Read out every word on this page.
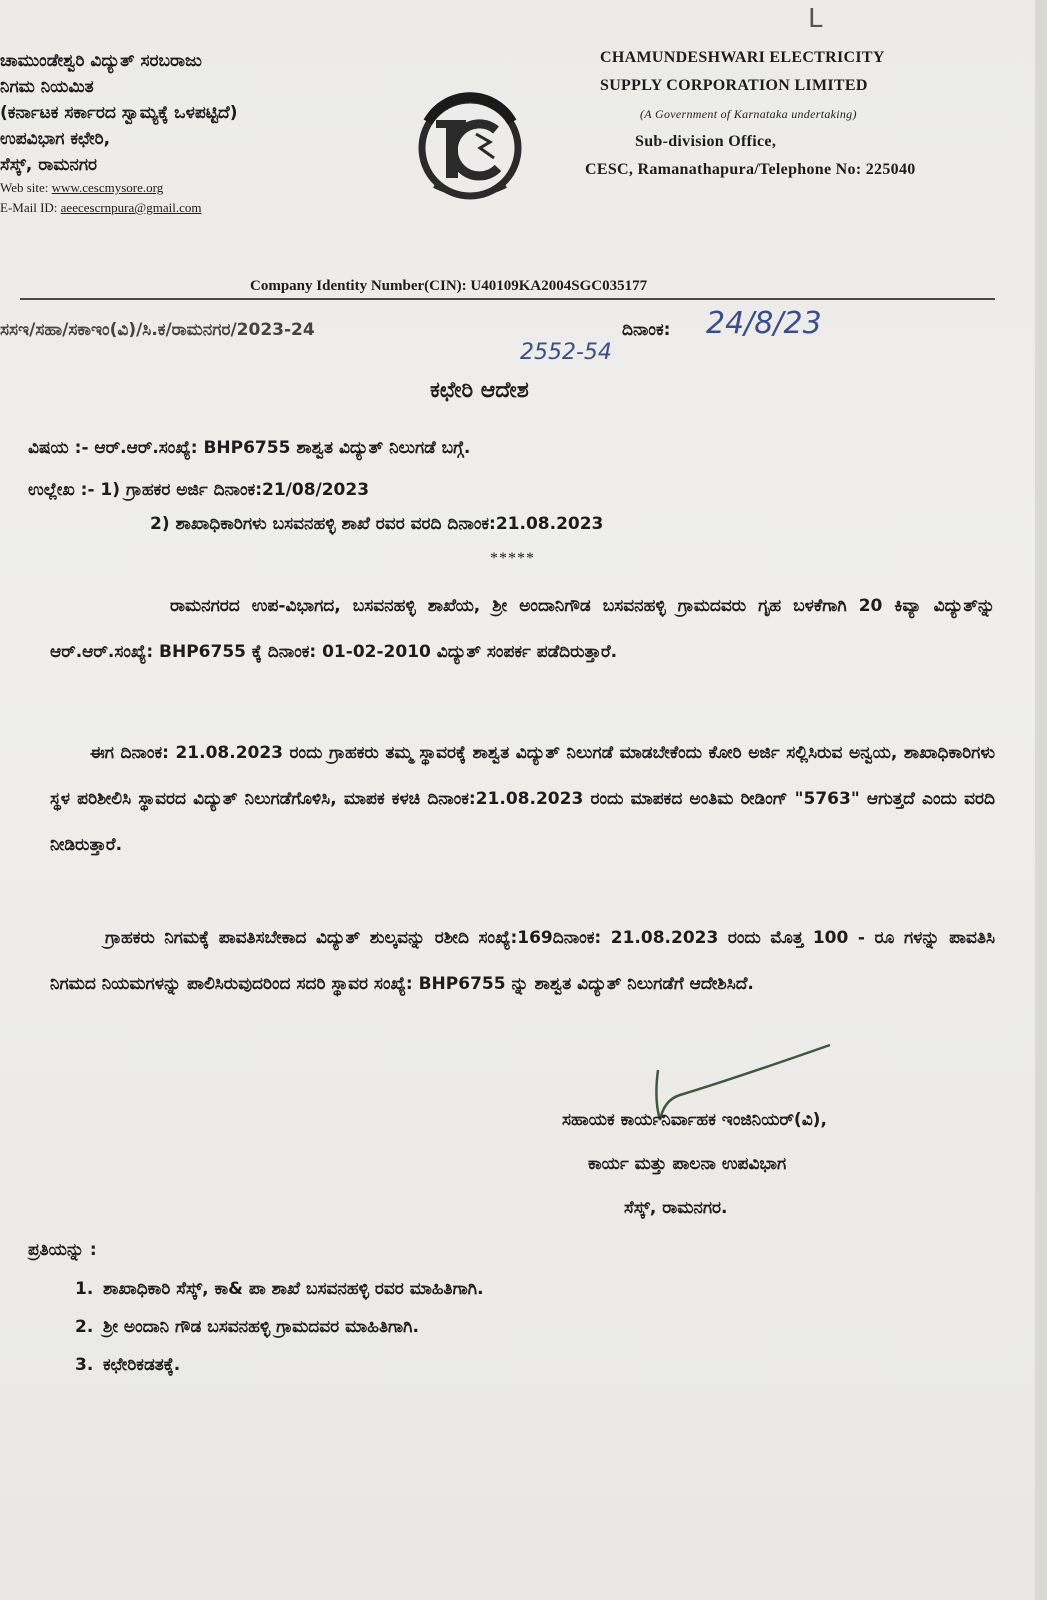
L
ಚಾಮುಂಡೇಶ್ವರಿ ವಿದ್ಯುತ್ ಸರಬರಾಜು
ನಿಗಮ ನಿಯಮಿತ
(ಕರ್ನಾಟಕ ಸರ್ಕಾರದ ಸ್ವಾಮ್ಯಕ್ಕೆ ಒಳಪಟ್ಟಿದೆ)
ಉಪವಿಭಾಗ ಕಛೇರಿ,
ಸೆಸ್ಕ್, ರಾಮನಗರ
Web site: www.cescmysore.org
E-Mail ID: aeecescrnpura@gmail.com
CHAMUNDESHWARI ELECTRICITY
SUPPLY CORPORATION LIMITED
(A Government of Karnataka undertaking)
Sub-division Office,
CESC, Ramanathapura/Telephone No: 225040
Company Identity Number(CIN): U40109KA2004SGC035177
ಸಸಇ/ಸಹಾ/ಸಕಾಇಂ(ವಿ)/ಸಿ.ಕ/ರಾಮನಗರ/2023-24
2552-54
ದಿನಾಂಕ: 24/8/23
ಕಛೇರಿ ಆದೇಶ
ವಿಷಯ :- ಆರ್.ಆರ್.ಸಂಖ್ಯೆ: BHP6755 ಶಾಶ್ವತ ವಿದ್ಯುತ್ ನಿಲುಗಡೆ ಬಗ್ಗೆ.
ಉಲ್ಲೇಖ :- 1) ಗ್ರಾಹಕರ ಅರ್ಜಿ ದಿನಾಂಕ:21/08/2023
2) ಶಾಖಾಧಿಕಾರಿಗಳು ಬಸವನಹಳ್ಳಿ ಶಾಖೆ ರವರ ವರದಿ ದಿನಾಂಕ:21.08.2023
*****
ರಾಮನಗರದ ಉಪ-ವಿಭಾಗದ, ಬಸವನಹಳ್ಳಿ ಶಾಖೆಯ, ಶ್ರೀ ಅಂದಾನಿಗೌಡ ಬಸವನಹಳ್ಳಿ ಗ್ರಾಮದವರು ಗೃಹ ಬಳಕೆಗಾಗಿ 20 ಕಿವ್ಯಾ ವಿದ್ಯುತ್‌ನ್ನು ಆರ್.ಆರ್.ಸಂಖ್ಯೆ: BHP6755 ಕ್ಕೆ ದಿನಾಂಕ: 01-02-2010 ವಿದ್ಯುತ್ ಸಂಪರ್ಕ ಪಡೆದಿರುತ್ತಾರೆ.
ಈಗ ದಿನಾಂಕ: 21.08.2023 ರಂದು ಗ್ರಾಹಕರು ತಮ್ಮ ಸ್ಥಾವರಕ್ಕೆ ಶಾಶ್ವತ ವಿದ್ಯುತ್ ನಿಲುಗಡೆ ಮಾಡಬೇಕೆಂದು ಕೋರಿ ಅರ್ಜಿ ಸಲ್ಲಿಸಿರುವ ಅನ್ವಯ, ಶಾಖಾಧಿಕಾರಿಗಳು ಸ್ಥಳ ಪರಿಶೀಲಿಸಿ ಸ್ಥಾವರದ ವಿದ್ಯುತ್ ನಿಲುಗಡೆಗೊಳಿಸಿ, ಮಾಪಕ ಕಳಚಿ ದಿನಾಂಕ:21.08.2023 ರಂದು ಮಾಪಕದ ಅಂತಿಮ ರೀಡಿಂಗ್ "5763" ಆಗುತ್ತದೆ ಎಂದು ವರದಿ ನೀಡಿರುತ್ತಾರೆ.
ಗ್ರಾಹಕರು ನಿಗಮಕ್ಕೆ ಪಾವತಿಸಬೇಕಾದ ವಿದ್ಯುತ್ ಶುಲ್ಕವನ್ನು ರಶೀದಿ ಸಂಖ್ಯೆ:169ದಿನಾಂಕ: 21.08.2023 ರಂದು ಮೊತ್ತ 100 - ರೂ ಗಳನ್ನು ಪಾವತಿಸಿ ನಿಗಮದ ನಿಯಮಗಳನ್ನು ಪಾಲಿಸಿರುವುದರಿಂದ ಸದರಿ ಸ್ಥಾವರ ಸಂಖ್ಯೆ: BHP6755 ನ್ನು ಶಾಶ್ವತ ವಿದ್ಯುತ್ ನಿಲುಗಡೆಗೆ ಆದೇಶಿಸಿದೆ.
ಸಹಾಯಕ ಕಾರ್ಯನಿರ್ವಾಹಕ ಇಂಜಿನಿಯರ್(ವಿ),
ಕಾರ್ಯ ಮತ್ತು ಪಾಲನಾ ಉಪವಿಭಾಗ
ಸೆಸ್ಕ್, ರಾಮನಗರ.
ಪ್ರತಿಯನ್ನು :
1. ಶಾಖಾಧಿಕಾರಿ ಸೆಸ್ಕ್, ಕಾ& ಪಾ ಶಾಖೆ ಬಸವನಹಳ್ಳಿ ರವರ ಮಾಹಿತಿಗಾಗಿ.
2. ಶ್ರೀ ಅಂದಾನಿ ಗೌಡ ಬಸವನಹಳ್ಳಿ ಗ್ರಾಮದವರ ಮಾಹಿತಿಗಾಗಿ.
3. ಕಛೇರಿಕಡತಕ್ಕೆ.
